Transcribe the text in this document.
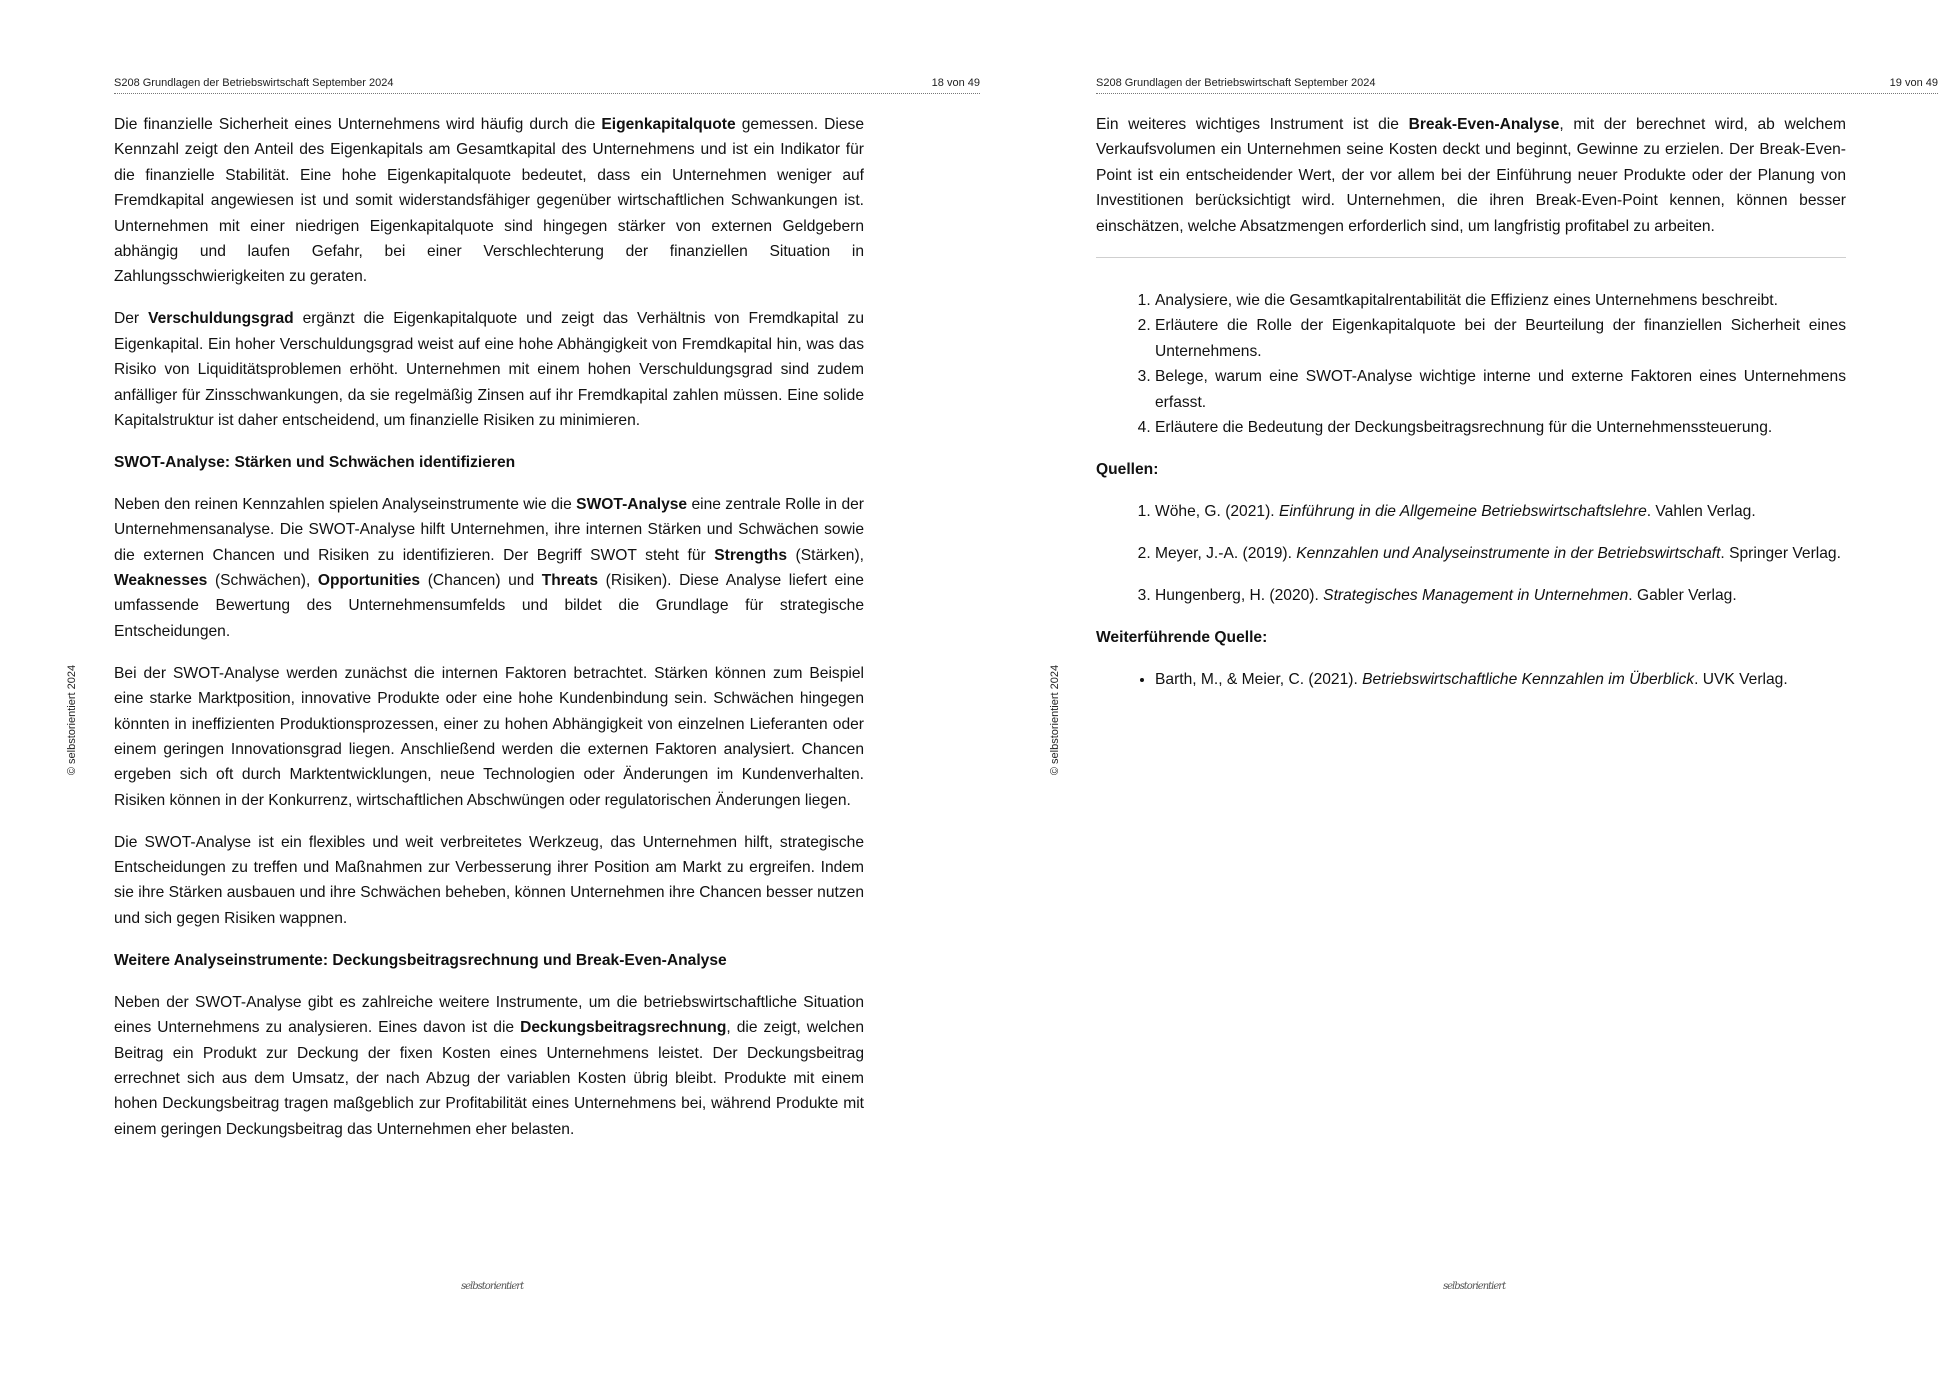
S208 Grundlagen der Betriebswirtschaft September 2024	18 von 49
© selbstorientiert 2024

Die finanzielle Sicherheit eines Unternehmens wird häufig durch die Eigenkapitalquote gemessen. Diese Kennzahl zeigt den Anteil des Eigenkapitals am Gesamtkapital des Unternehmens und ist ein Indikator für die finanzielle Stabilität. Eine hohe Eigenkapitalquote bedeutet, dass ein Unternehmen weniger auf Fremdkapital angewiesen ist und somit widerstandsfähiger gegenüber wirtschaftlichen Schwankungen ist. Unternehmen mit einer niedrigen Eigenkapitalquote sind hingegen stärker von externen Geldgebern abhängig und laufen Gefahr, bei einer Verschlechterung der finanziellen Situation in Zahlungsschwierigkeiten zu geraten.

Der Verschuldungsgrad ergänzt die Eigenkapitalquote und zeigt das Verhältnis von Fremdkapital zu Eigenkapital. Ein hoher Verschuldungsgrad weist auf eine hohe Abhängigkeit von Fremdkapital hin, was das Risiko von Liquiditätsproblemen erhöht. Unternehmen mit einem hohen Verschuldungsgrad sind zudem anfälliger für Zinsschwankungen, da sie regelmäßig Zinsen auf ihr Fremdkapital zahlen müssen. Eine solide Kapitalstruktur ist daher entscheidend, um finanzielle Risiken zu minimieren.

SWOT-Analyse: Stärken und Schwächen identifizieren

Neben den reinen Kennzahlen spielen Analyseinstrumente wie die SWOT-Analyse eine zentrale Rolle in der Unternehmensanalyse. Die SWOT-Analyse hilft Unternehmen, ihre internen Stärken und Schwächen sowie die externen Chancen und Risiken zu identifizieren. Der Begriff SWOT steht für Strengths (Stärken), Weaknesses (Schwächen), Opportunities (Chancen) und Threats (Risiken). Diese Analyse liefert eine umfassende Bewertung des Unternehmensumfelds und bildet die Grundlage für strategische Entscheidungen.

Bei der SWOT-Analyse werden zunächst die internen Faktoren betrachtet. Stärken können zum Beispiel eine starke Marktposition, innovative Produkte oder eine hohe Kundenbindung sein. Schwächen hingegen könnten in ineffizienten Produktionsprozessen, einer zu hohen Abhängigkeit von einzelnen Lieferanten oder einem geringen Innovationsgrad liegen. Anschließend werden die externen Faktoren analysiert. Chancen ergeben sich oft durch Marktentwicklungen, neue Technologien oder Änderungen im Kundenverhalten. Risiken können in der Konkurrenz, wirtschaftlichen Abschwüngen oder regulatorischen Änderungen liegen.

Die SWOT-Analyse ist ein flexibles und weit verbreitetes Werkzeug, das Unternehmen hilft, strategische Entscheidungen zu treffen und Maßnahmen zur Verbesserung ihrer Position am Markt zu ergreifen. Indem sie ihre Stärken ausbauen und ihre Schwächen beheben, können Unternehmen ihre Chancen besser nutzen und sich gegen Risiken wappnen.

Weitere Analyseinstrumente: Deckungsbeitragsrechnung und Break-Even-Analyse

Neben der SWOT-Analyse gibt es zahlreiche weitere Instrumente, um die betriebswirtschaftliche Situation eines Unternehmens zu analysieren. Eines davon ist die Deckungsbeitragsrechnung, die zeigt, welchen Beitrag ein Produkt zur Deckung der fixen Kosten eines Unternehmens leistet. Der Deckungsbeitrag errechnet sich aus dem Umsatz, der nach Abzug der variablen Kosten übrig bleibt. Produkte mit einem hohen Deckungsbeitrag tragen maßgeblich zur Profitabilität eines Unternehmens bei, während Produkte mit einem geringen Deckungsbeitrag das Unternehmen eher belasten.

selbstorientiert
S208 Grundlagen der Betriebswirtschaft September 2024	19 von 49
© selbstorientiert 2024

Ein weiteres wichtiges Instrument ist die Break-Even-Analyse, mit der berechnet wird, ab welchem Verkaufsvolumen ein Unternehmen seine Kosten deckt und beginnt, Gewinne zu erzielen. Der Break-Even-Point ist ein entscheidender Wert, der vor allem bei der Einführung neuer Produkte oder der Planung von Investitionen berücksichtigt wird. Unternehmen, die ihren Break-Even-Point kennen, können besser einschätzen, welche Absatzmengen erforderlich sind, um langfristig profitabel zu arbeiten.

1. Analysiere, wie die Gesamtkapitalrentabilität die Effizienz eines Unternehmens beschreibt.
2. Erläutere die Rolle der Eigenkapitalquote bei der Beurteilung der finanziellen Sicherheit eines Unternehmens.
3. Belege, warum eine SWOT-Analyse wichtige interne und externe Faktoren eines Unternehmens erfasst.
4. Erläutere die Bedeutung der Deckungsbeitragsrechnung für die Unternehmenssteuerung.
Quellen:
1. Wöhe, G. (2021). Einführung in die Allgemeine Betriebswirtschaftslehre. Vahlen Verlag.
2. Meyer, J.-A. (2019). Kennzahlen und Analyseinstrumente in der Betriebswirtschaft. Springer Verlag.
3. Hungenberg, H. (2020). Strategisches Management in Unternehmen. Gabler Verlag.
Weiterführende Quelle:
• Barth, M., & Meier, C. (2021). Betriebswirtschaftliche Kennzahlen im Überblick. UVK Verlag.
selbstorientiert
